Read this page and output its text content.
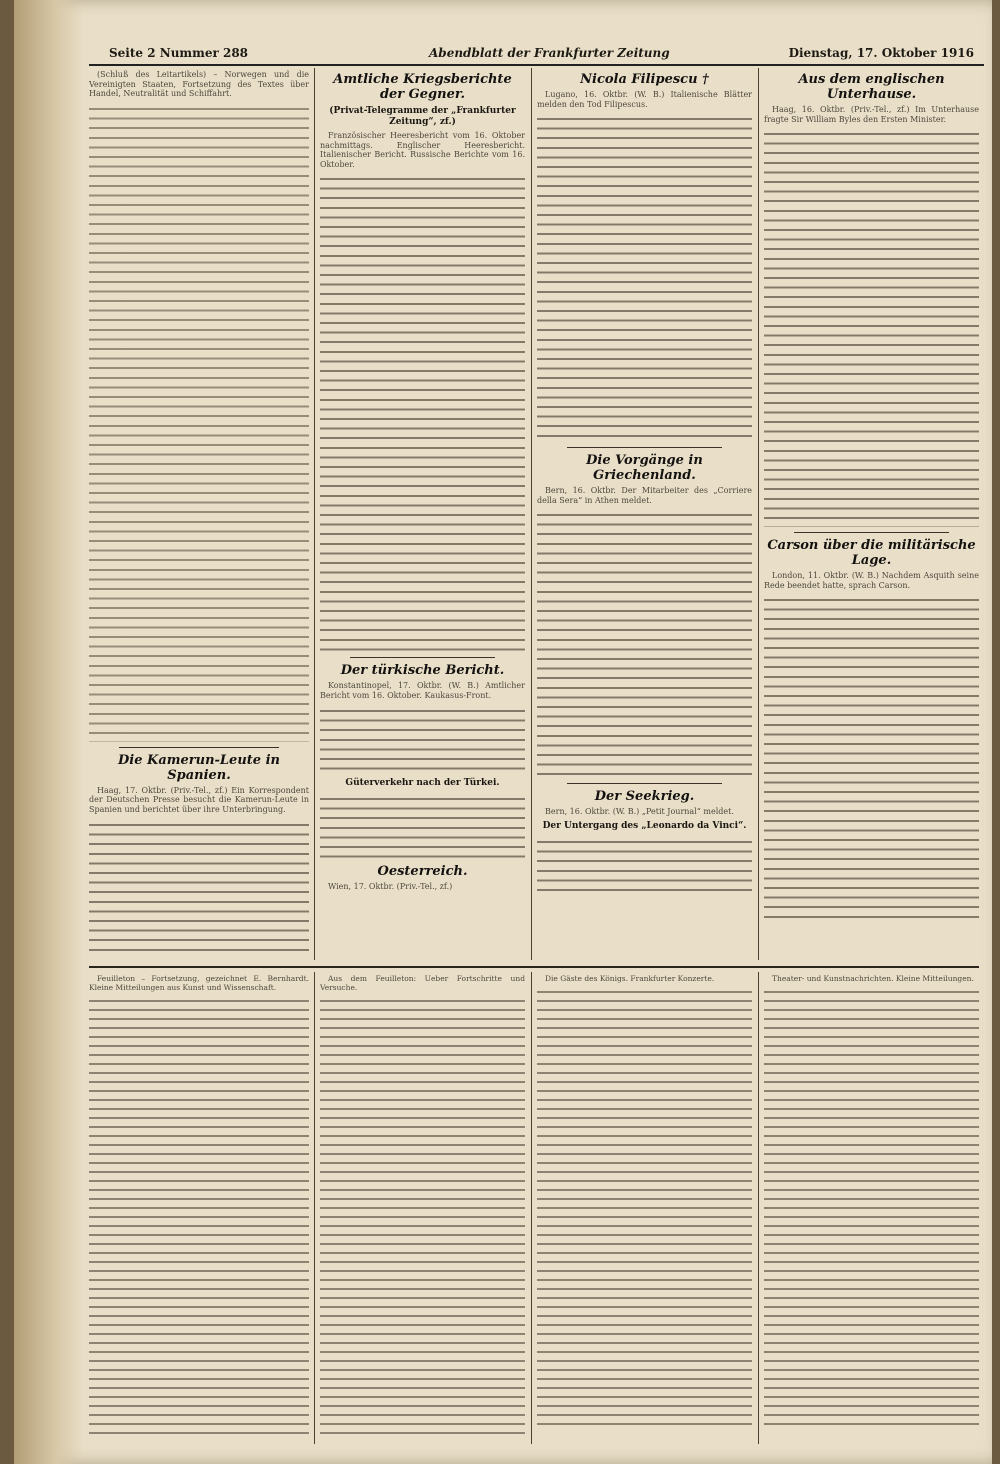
Seite 2 Nummer 288	Abendblatt der Frankfurter Zeitung	Dienstag, 17. Oktober 1916

(Schluß des Leitartikels) – Norwegen und die Vereinigten Staaten, Fortsetzung des Textes über Handel, Neutralität und Schiffahrt.

Die Kamerun-Leute in Spanien.

Haag, 17. Oktbr. (Priv.-Tel., zf.) Ein Korrespondent der Deutschen Presse besucht die Kamerun-Leute in Spanien und berichtet über ihre Unterbringung.

Amtliche Kriegsberichte der Gegner.
(Privat-Telegramme der „Frankfurter Zeitung“, zf.)

Französischer Heeresbericht vom 16. Oktober nachmittags. Englischer Heeresbericht. Italienischer Bericht. Russische Berichte vom 16. Oktober.

Der türkische Bericht.

Konstantinopel, 17. Oktbr. (W. B.) Amtlicher Bericht vom 16. Oktober. Kaukasus-Front.

Güterverkehr nach der Türkei.
Oesterreich.

Wien, 17. Oktbr. (Priv.-Tel., zf.)

Nicola Filipescu †

Lugano, 16. Oktbr. (W. B.) Italienische Blätter melden den Tod Filipescus.

Die Vorgänge in Griechenland.

Bern, 16. Oktbr. Der Mitarbeiter des „Corriere della Sera“ in Athen meldet.

Der Seekrieg.

Bern, 16. Oktbr. (W. B.) „Petit Journal“ meldet.

Der Untergang des „Leonardo da Vinci“.
Aus dem englischen Unterhause.

Haag, 16. Oktbr. (Priv.-Tel., zf.) Im Unterhause fragte Sir William Byles den Ersten Minister.

Carson über die militärische Lage.

London, 11. Oktbr. (W. B.) Nachdem Asquith seine Rede beendet hatte, sprach Carson.

Feuilleton – Fortsetzung, gezeichnet E. Bernhardt. Kleine Mitteilungen aus Kunst und Wissenschaft.

Aus dem Feuilleton: Ueber Fortschritte und Versuche.

Die Gäste des Königs. Frankfurter Konzerte.	Theater- und Kunstnachrichten. Kleine Mitteilungen.
